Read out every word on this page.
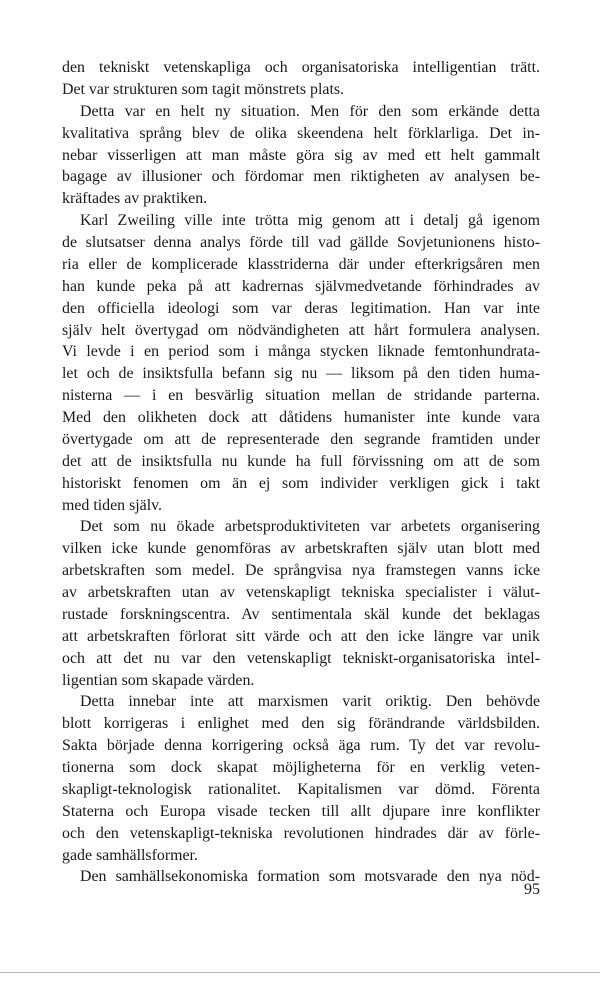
den tekniskt vetenskapliga och organisatoriska intelligentian trätt.
Det var strukturen som tagit mönstrets plats.
Detta var en helt ny situation. Men för den som erkände detta
kvalitativa språng blev de olika skeendena helt förklarliga. Det in-
nebar visserligen att man måste göra sig av med ett helt gammalt
bagage av illusioner och fördomar men riktigheten av analysen be-
kräftades av praktiken.
Karl Zweiling ville inte trötta mig genom att i detalj gå igenom
de slutsatser denna analys förde till vad gällde Sovjetunionens histo-
ria eller de komplicerade klasstriderna där under efterkrigsåren men
han kunde peka på att kadrernas självmedvetande förhindrades av
den officiella ideologi som var deras legitimation. Han var inte
själv helt övertygad om nödvändigheten att hårt formulera analysen.
Vi levde i en period som i många stycken liknade femtonhundrata-
let och de insiktsfulla befann sig nu — liksom på den tiden huma-
nisterna — i en besvärlig situation mellan de stridande parterna.
Med den olikheten dock att dåtidens humanister inte kunde vara
övertygade om att de representerade den segrande framtiden under
det att de insiktsfulla nu kunde ha full förvissning om att de som
historiskt fenomen om än ej som individer verkligen gick i takt
med tiden själv.
Det som nu ökade arbetsproduktiviteten var arbetets organisering
vilken icke kunde genomföras av arbetskraften själv utan blott med
arbetskraften som medel. De språngvisa nya framstegen vanns icke
av arbetskraften utan av vetenskapligt tekniska specialister i välut-
rustade forskningscentra. Av sentimentala skäl kunde det beklagas
att arbetskraften förlorat sitt värde och att den icke längre var unik
och att det nu var den vetenskapligt tekniskt-organisatoriska intel-
ligentian som skapade värden.
Detta innebar inte att marxismen varit oriktig. Den behövde
blott korrigeras i enlighet med den sig förändrande världsbilden.
Sakta började denna korrigering också äga rum. Ty det var revolu-
tionerna som dock skapat möjligheterna för en verklig veten-
skapligt-teknologisk rationalitet. Kapitalismen var dömd. Förenta
Staterna och Europa visade tecken till allt djupare inre konflikter
och den vetenskapligt-tekniska revolutionen hindrades där av förle-
gade samhällsformer.
Den samhällsekonomiska formation som motsvarade den nya nöd-
95
